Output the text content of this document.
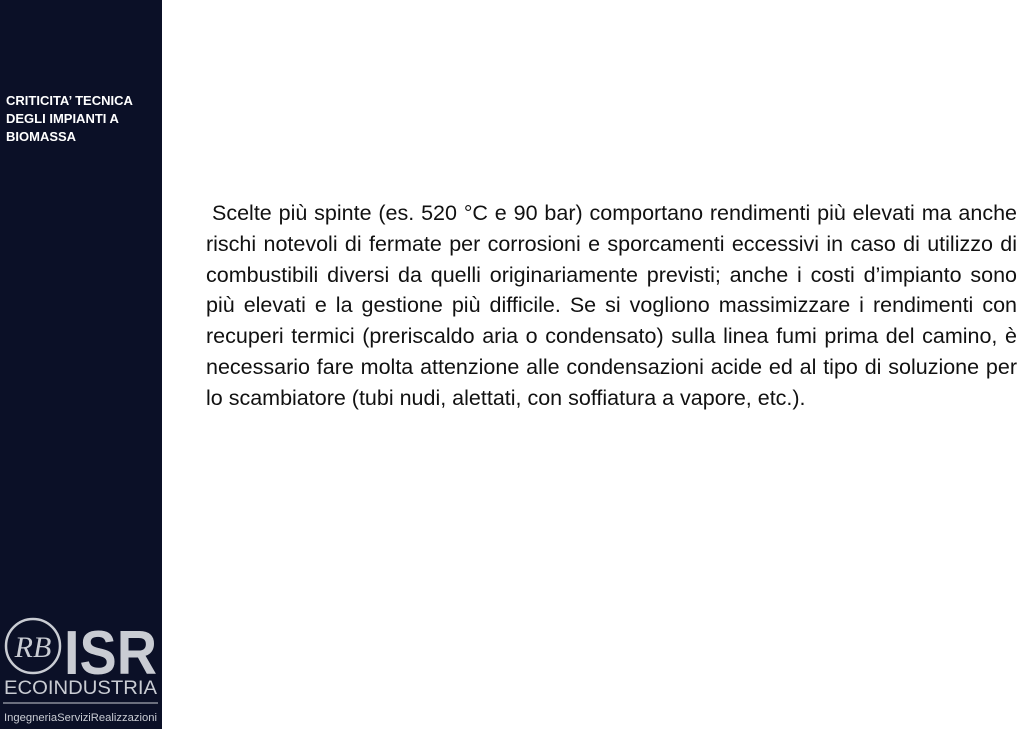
CRITICITA’ TECNICA DEGLI IMPIANTI A BIOMASSA

RB ISR
ECOINDUSTRIA
IngegneriaServiziRealizzazioni

Scelte più spinte (es. 520 °C e 90 bar) comportano rendimenti più elevati ma anche rischi notevoli di fermate per corrosioni e sporcamenti eccessivi in caso di utilizzo di combustibili diversi da quelli originariamente previsti; anche i costi d’impianto sono più elevati e la gestione più difficile. Se si vogliono massimizzare i rendimenti con recuperi termici (preriscaldo aria o condensato) sulla linea fumi prima del camino, è necessario fare molta attenzione alle condensazioni acide ed al tipo di soluzione per lo scambiatore (tubi nudi, alettati, con soffiatura a vapore, etc.).
